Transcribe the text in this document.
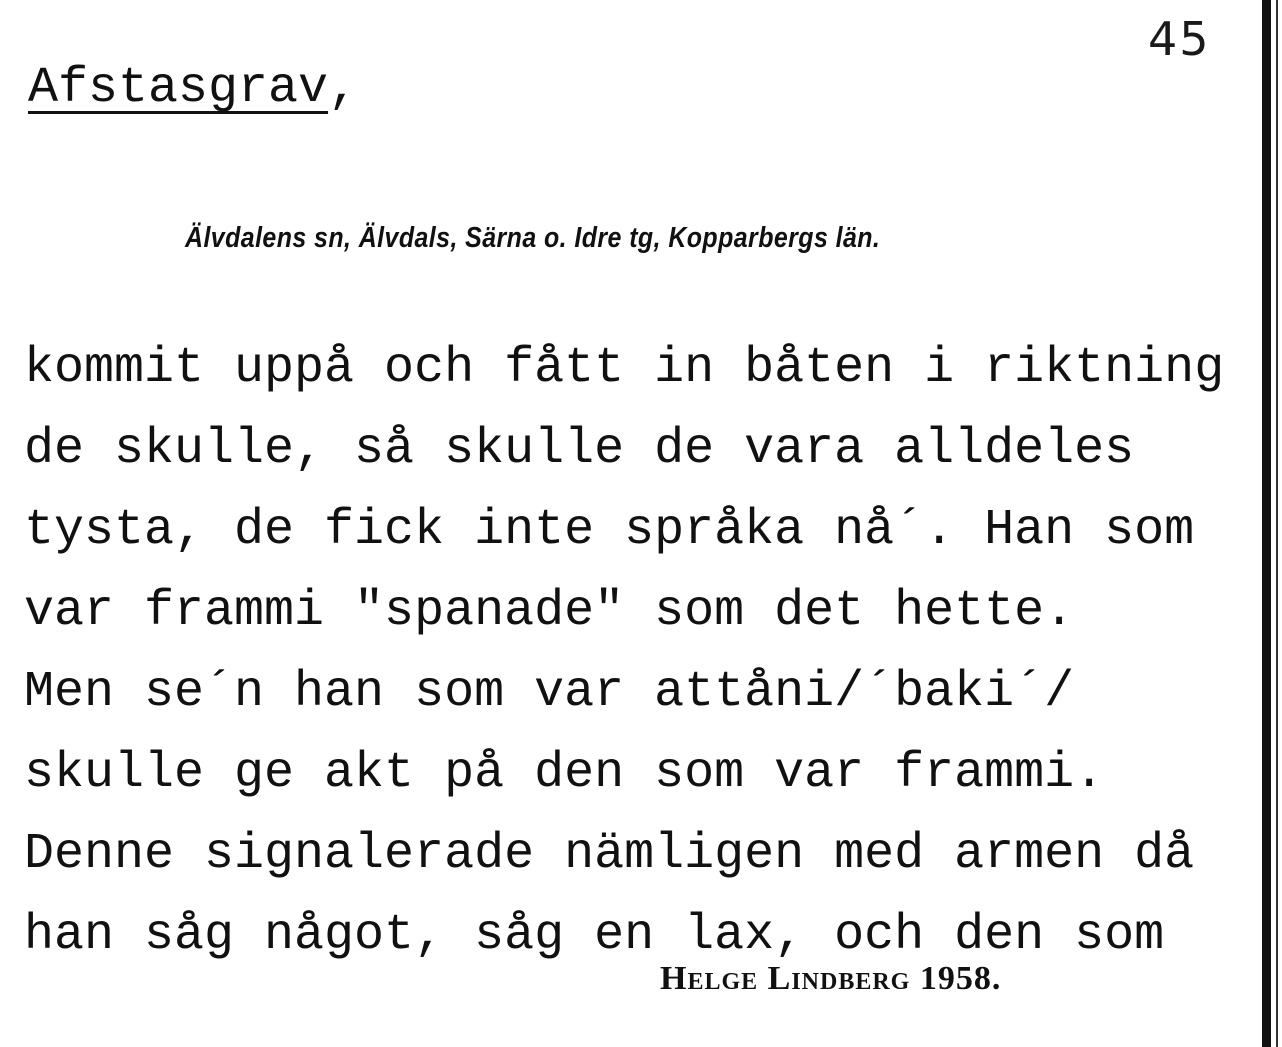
45
Afstasgrav,
Älvdalens sn, Älvdals, Särna o. Idre tg, Kopparbergs län.
kommit uppå och fått in båten i riktning
de skulle, så skulle de vara alldeles
tysta, de fick inte språka nå´. Han som
var frammi "spanade" som det hette.
Men se´n han som var attåni/´baki´/
skulle ge akt på den som var frammi.
Denne signalerade nämligen med armen då
han såg något, såg en lax, och den som
Helge Lindberg 1958.
